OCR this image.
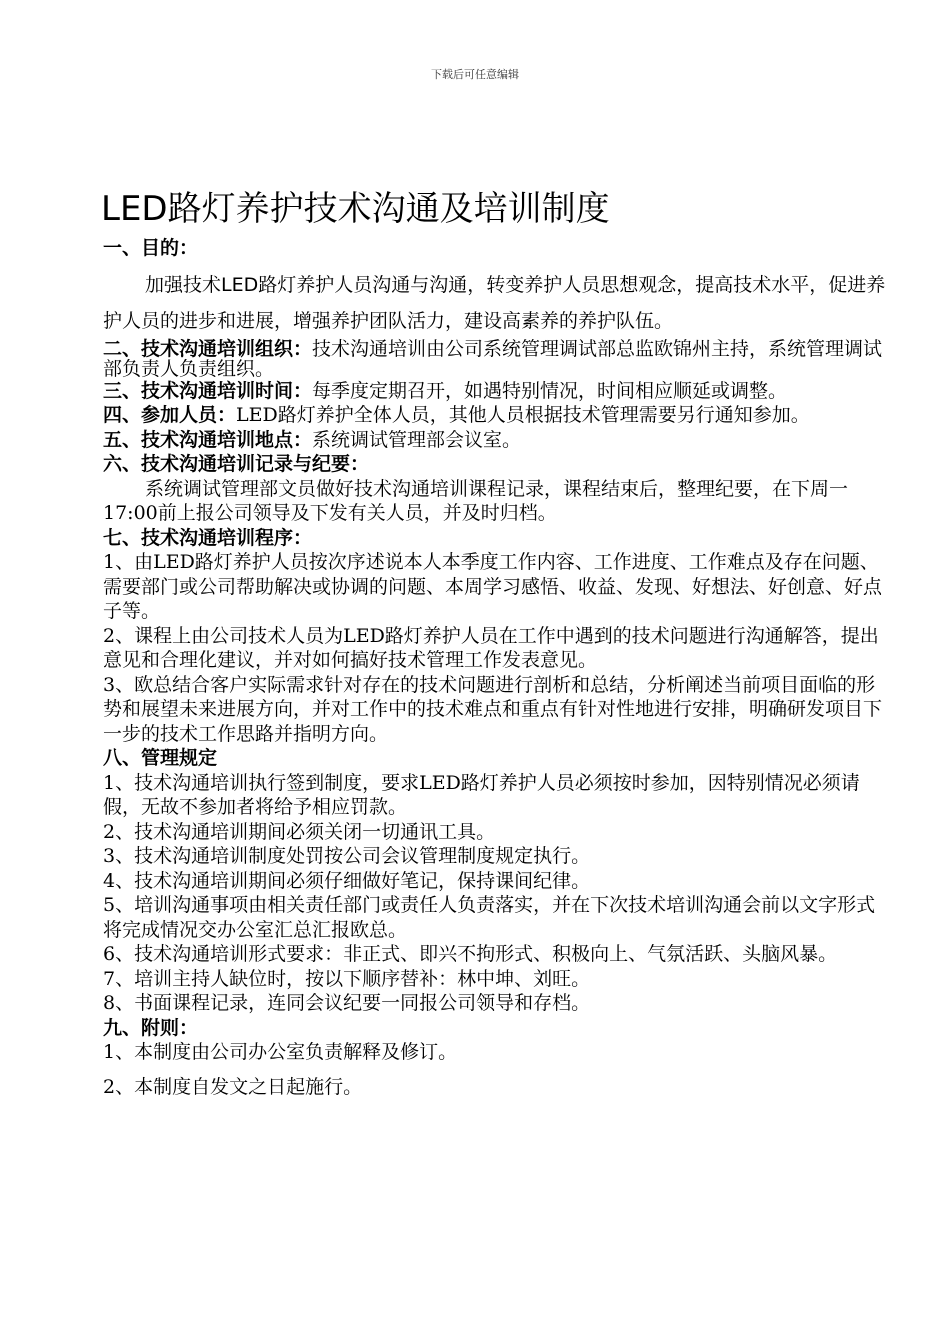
下载后可任意编辑
LED路灯养护技术沟通及培训制度

一、目的：

加强技术LED路灯养护人员沟通与沟通，转变养护人员思想观念，提高技术水平，促进养护人员的进步和进展，增强养护团队活力，建设高素养的养护队伍。

二、技术沟通培训组织：技术沟通培训由公司系统管理调试部总监欧锦州主持，系统管理调试部负责人负责组织。

三、技术沟通培训时间：每季度定期召开，如遇特别情况，时间相应顺延或调整。

四、参加人员：LED路灯养护全体人员，其他人员根据技术管理需要另行通知参加。

五、技术沟通培训地点：系统调试管理部会议室。

六、技术沟通培训记录与纪要：

系统调试管理部文员做好技术沟通培训课程记录，课程结束后，整理纪要，在下周一17:00前上报公司领导及下发有关人员，并及时归档。

七、技术沟通培训程序：

1、由LED路灯养护人员按次序述说本人本季度工作内容、工作进度、工作难点及存在问题、需要部门或公司帮助解决或协调的问题、本周学习感悟、收益、发现、好想法、好创意、好点子等。

2、课程上由公司技术人员为LED路灯养护人员在工作中遇到的技术问题进行沟通解答，提出意见和合理化建议，并对如何搞好技术管理工作发表意见。

3、欧总结合客户实际需求针对存在的技术问题进行剖析和总结，分析阐述当前项目面临的形势和展望未来进展方向，并对工作中的技术难点和重点有针对性地进行安排，明确研发项目下一步的技术工作思路并指明方向。

八、管理规定

1、技术沟通培训执行签到制度，要求LED路灯养护人员必须按时参加，因特别情况必须请假，无故不参加者将给予相应罚款。

2、技术沟通培训期间必须关闭一切通讯工具。

3、技术沟通培训制度处罚按公司会议管理制度规定执行。

4、技术沟通培训期间必须仔细做好笔记，保持课间纪律。

5、培训沟通事项由相关责任部门或责任人负责落实，并在下次技术培训沟通会前以文字形式将完成情况交办公室汇总汇报欧总。

6、技术沟通培训形式要求：非正式、即兴不拘形式、积极向上、气氛活跃、头脑风暴。

7、培训主持人缺位时，按以下顺序替补：林中坤、刘旺。

8、书面课程记录，连同会议纪要一同报公司领导和存档。

九、附则：

1、本制度由公司办公室负责解释及修订。

2、本制度自发文之日起施行。
